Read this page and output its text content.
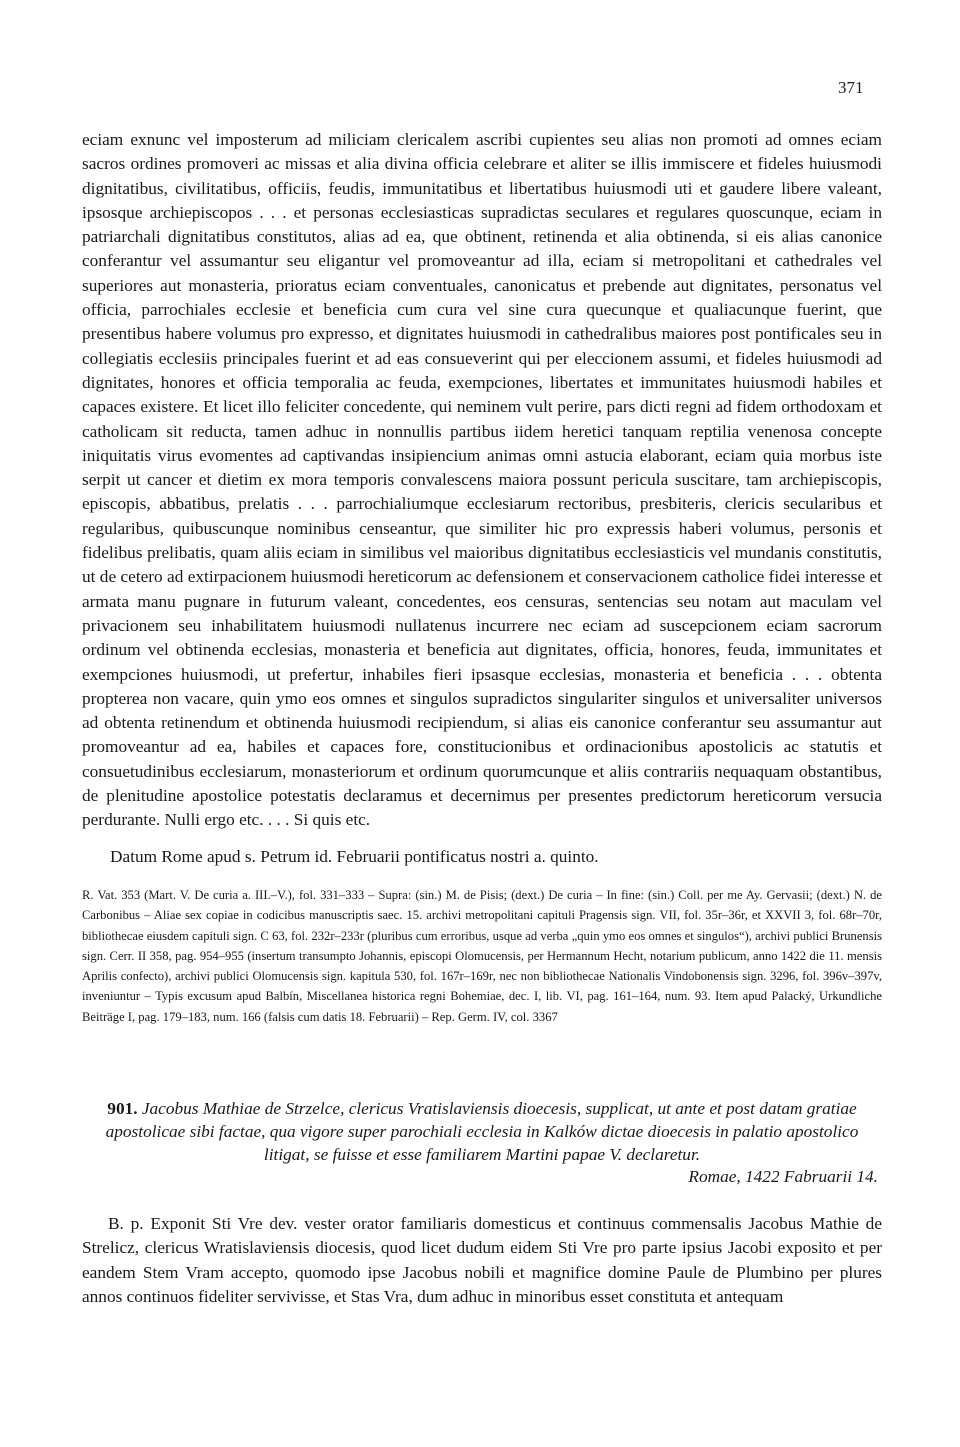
371

eciam exnunc vel imposterum ad miliciam clericalem ascribi cupientes seu alias non promoti ad omnes eciam sacros ordines promoveri ac missas et alia divina officia celebrare et aliter se illis immiscere et fideles huiusmodi dignitatibus, civilitatibus, officiis, feudis, immunitatibus et libertatibus huiusmodi uti et gaudere libere valeant, ipsosque archiepiscopos . . . et personas ecclesiasticas supradictas seculares et regulares quoscunque, eciam in patriarchali dignitatibus constitutos, alias ad ea, que obtinent, retinenda et alia obtinenda, si eis alias canonice conferantur vel assumantur seu eligantur vel promoveantur ad illa, eciam si metropolitani et cathedrales vel superiores aut monasteria, prioratus eciam conventuales, canonicatus et prebende aut dignitates, personatus vel officia, parrochiales ecclesie et beneficia cum cura vel sine cura quecunque et qualiacunque fuerint, que presentibus habere volumus pro expresso, et dignitates huiusmodi in cathedralibus maiores post pontificales seu in collegiatis ecclesiis principales fuerint et ad eas consueverint qui per eleccionem assumi, et fideles huiusmodi ad dignitates, honores et officia temporalia ac feuda, exempciones, libertates et immunitates huiusmodi habiles et capaces existere. Et licet illo feliciter concedente, qui neminem vult perire, pars dicti regni ad fidem orthodoxam et catholicam sit reducta, tamen adhuc in nonnullis partibus iidem heretici tanquam reptilia venenosa concepte iniquitatis virus evomentes ad captivandas insipiencium animas omni astucia elaborant, eciam quia morbus iste serpit ut cancer et dietim ex mora temporis convalescens maiora possunt pericula suscitare, tam archiepiscopis, episcopis, abbatibus, prelatis . . . parrochialiumque ecclesiarum rectoribus, presbiteris, clericis secularibus et regularibus, quibuscunque nominibus censeantur, que similiter hic pro expressis haberi volumus, personis et fidelibus prelibatis, quam aliis eciam in similibus vel maioribus dignitatibus ecclesiasticis vel mundanis constitutis, ut de cetero ad extirpacionem huiusmodi hereticorum ac defensionem et conservacionem catholice fidei interesse et armata manu pugnare in futurum valeant, concedentes, eos censuras, sentencias seu notam aut maculam vel privacionem seu inhabilitatem huiusmodi nullatenus incurrere nec eciam ad suscepcionem eciam sacrorum ordinum vel obtinenda ecclesias, monasteria et beneficia aut dignitates, officia, honores, feuda, immunitates et exempciones huiusmodi, ut prefertur, inhabiles fieri ipsasque ecclesias, monasteria et beneficia . . . obtenta propterea non vacare, quin ymo eos omnes et singulos supradictos singulariter singulos et universaliter universos ad obtenta retinendum et obtinenda huiusmodi recipiendum, si alias eis canonice conferantur seu assumantur aut promoveantur ad ea, habiles et capaces fore, constitucionibus et ordinacionibus apostolicis ac statutis et consuetudinibus ecclesiarum, monasteriorum et ordinum quorumcunque et aliis contrariis nequaquam obstantibus, de plenitudine apostolice potestatis declaramus et decernimus per presentes predictorum hereticorum versucia perdurante. Nulli ergo etc. . . . Si quis etc.

Datum Rome apud s. Petrum id. Februarii pontificatus nostri a. quinto.

R. Vat. 353 (Mart. V. De curia a. III.–V.), fol. 331–333 – Supra: (sin.) M. de Pisis; (dext.) De curia – In fine: (sin.) Coll. per me Ay. Gervasii; (dext.) N. de Carbonibus – Aliae sex copiae in codicibus manuscriptis saec. 15. archivi metropolitani capituli Pragensis sign. VII, fol. 35r–36r, et XXVII 3, fol. 68r–70r, bibliothecae eiusdem capituli sign. C 63, fol. 232r–233r (pluribus cum erroribus, usque ad verba „quin ymo eos omnes et singulos“), archivi publici Brunensis sign. Cerr. II 358, pag. 954–955 (insertum transumpto Johannis, episcopi Olomucensis, per Hermannum Hecht, notarium publicum, anno 1422 die 11. mensis Aprilis confecto), archivi publici Olomucensis sign. kapitula 530, fol. 167r–169r, nec non bibliothecae Nationalis Vindobonensis sign. 3296, fol. 396v–397v, inveniuntur – Typis excusum apud Balbín, Miscellanea historica regni Bohemiae, dec. I, lib. VI, pag. 161–164, num. 93. Item apud Palacký, Urkundliche Beiträge I, pag. 179–183, num. 166 (falsis cum datis 18. Februarii) – Rep. Germ. IV, col. 3367

901. Jacobus Mathiae de Strzelce, clericus Vratislaviensis dioecesis, supplicat, ut ante et post datam gratiae apostolicae sibi factae, qua vigore super parochiali ecclesia in Kalków dictae dioecesis in palatio apostolico litigat, se fuisse et esse familiarem Martini papae V. declaretur.

Romae, 1422 Fabruarii 14.

B. p. Exponit Sti Vre dev. vester orator familiaris domesticus et continuus commensalis Jacobus Mathie de Strelicz, clericus Wratislaviensis diocesis, quod licet dudum eidem Sti Vre pro parte ipsius Jacobi exposito et per eandem Stem Vram accepto, quomodo ipse Jacobus nobili et magnifice domine Paule de Plumbino per plures annos continuos fideliter servivisse, et Stas Vra, dum adhuc in minoribus esset constituta et antequam
